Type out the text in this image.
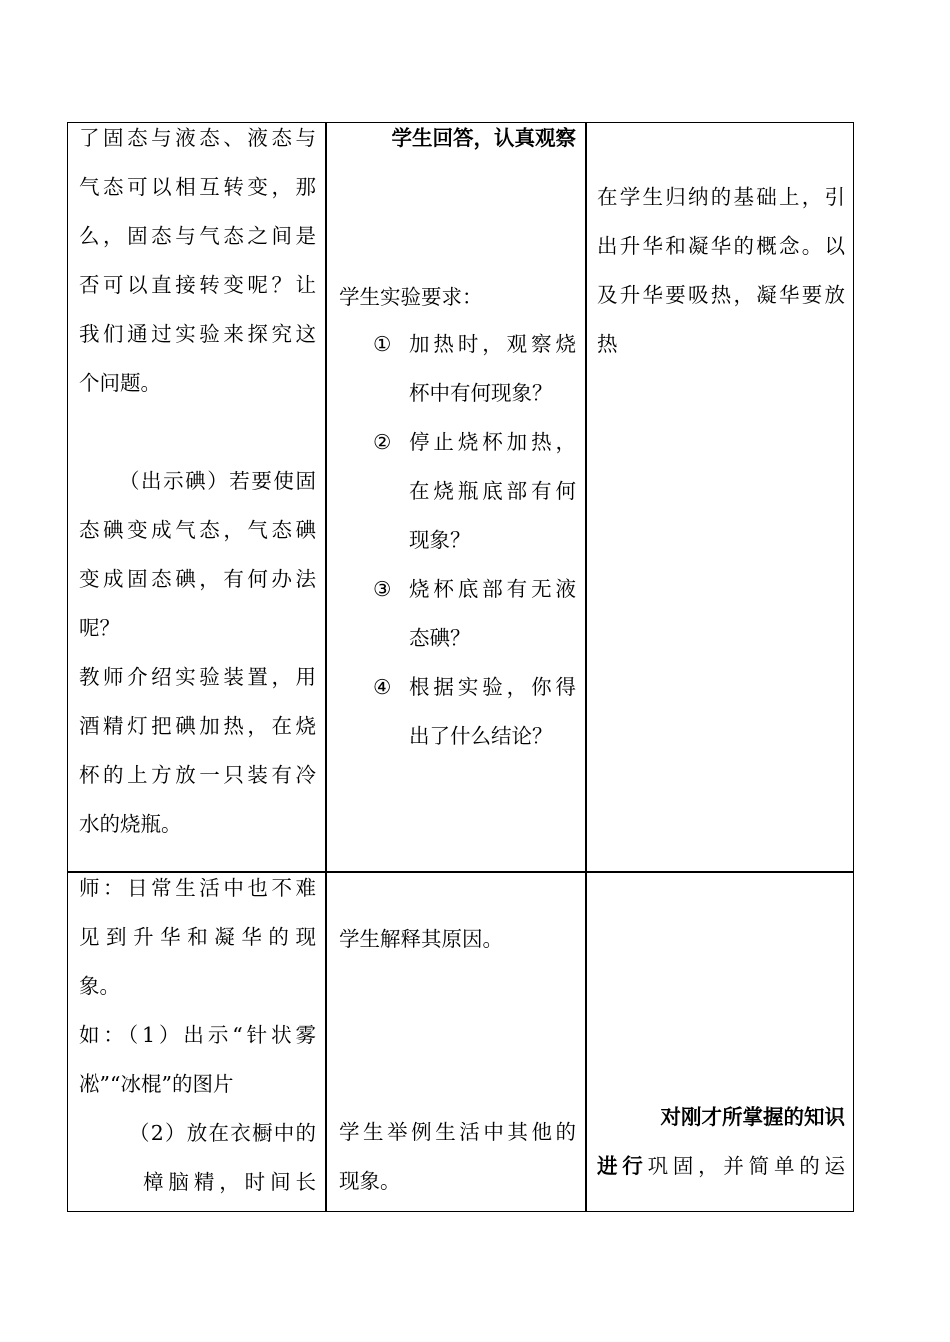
了固态与液态、液态与

气态可以相互转变，那

么，固态与气态之间是

否可以直接转变呢？让

我们通过实验来探究这

个问题。

（出示碘）若要使固

态碘变成气态，气态碘

变成固态碘，有何办法

呢？

教师介绍实验装置，用

酒精灯把碘加热，在烧

杯的上方放一只装有冷

水的烧瓶。

学生回答，认真观察

学生实验要求：

① 加热时，观察烧

杯中有何现象？

② 停止烧杯加热，

在烧瓶底部有何

现象？

③ 烧杯底部有无液

态碘？

④ 根据实验，你得

出了什么结论？

在学生归纳的基础上，引

出升华和凝华的概念。以

及升华要吸热，凝华要放

热

师：日常生活中也不难

见到升华和凝华的现

象。

如：（1）出示“针状雾

凇”“冰棍”的图片

（2）放在衣橱中的

樟脑精，时间长

学生解释其原因。

学生举例生活中其他的

现象。

对刚才所掌握的知识

进行巩固，并简单的运
